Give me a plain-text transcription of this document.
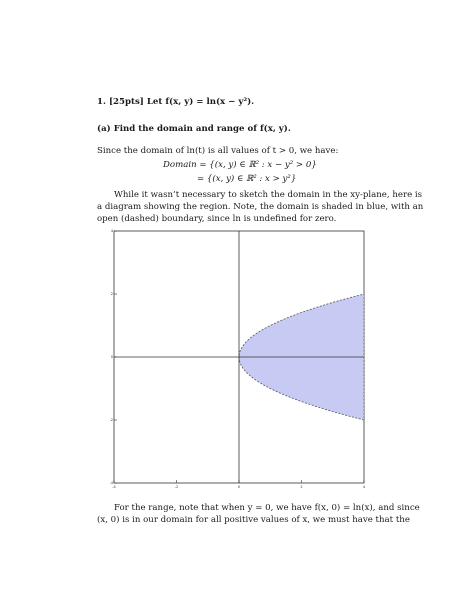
1. [25pts] Let f(x, y) = ln(x − y²).
(a) Find the domain and range of f(x, y).
Since the domain of ln(t) is all values of t > 0, we have:
Domain = {(x, y) ∈ ℝ² : x − y² > 0}
= {(x, y) ∈ ℝ² : x > y²}
While it wasn’t necessary to sketch the domain in the xy-plane, here is
a diagram showing the region. Note, the domain is shaded in blue, with an
open (dashed) boundary, since ln is undefined for zero.
-4	-2	0	2	4
4
2
0
-2
-4
For the range, note that when y = 0, we have f(x, 0) = ln(x), and since
(x, 0) is in our domain for all positive values of x, we must have that the
